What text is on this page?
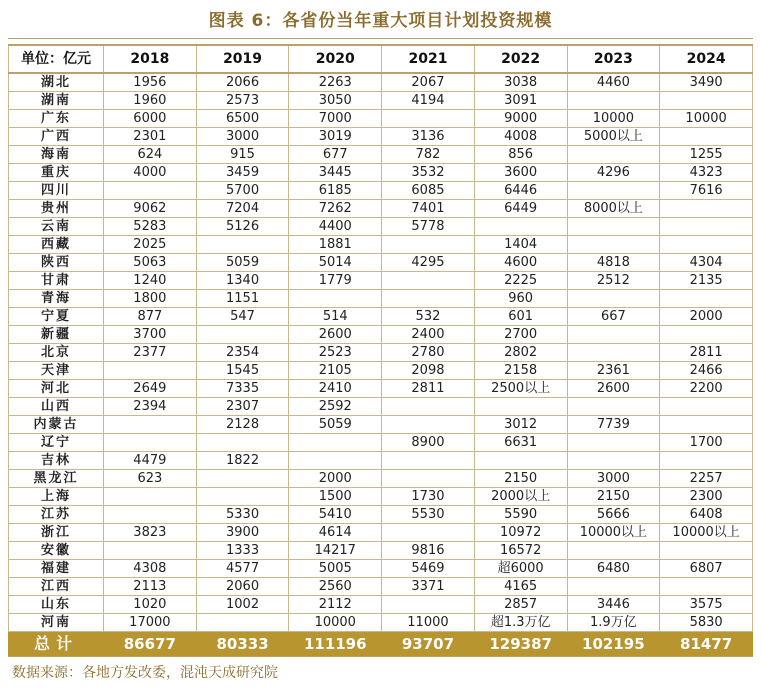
图表 6：各省份当年重大项目计划投资规模
单位：亿元	2018	2019	2020	2021	2022	2023	2024
湖北	1956	2066	2263	2067	3038	4460	3490
湖南	1960	2573	3050	4194	3091		
广东	6000	6500	7000		9000	10000	10000
广西	2301	3000	3019	3136	4008	5000以上	
海南	624	915	677	782	856		1255
重庆	4000	3459	3445	3532	3600	4296	4323
四川		5700	6185	6085	6446		7616
贵州	9062	7204	7262	7401	6449	8000以上	
云南	5283	5126	4400	5778			
西藏	2025		1881		1404		
陕西	5063	5059	5014	4295	4600	4818	4304
甘肃	1240	1340	1779		2225	2512	2135
青海	1800	1151			960		
宁夏	877	547	514	532	601	667	2000
新疆	3700		2600	2400	2700		
北京	2377	2354	2523	2780	2802		2811
天津		1545	2105	2098	2158	2361	2466
河北	2649	7335	2410	2811	2500以上	2600	2200
山西	2394	2307	2592				
内蒙古		2128	5059		3012	7739	
辽宁				8900	6631		1700
吉林	4479	1822					
黑龙江	623		2000		2150	3000	2257
上海			1500	1730	2000以上	2150	2300
江苏		5330	5410	5530	5590	5666	6408
浙江	3823	3900	4614		10972	10000以上	10000以上
安徽		1333	14217	9816	16572		
福建	4308	4577	5005	5469	超6000	6480	6807
江西	2113	2060	2560	3371	4165		
山东	1020	1002	2112		2857	3446	3575
河南	17000		10000	11000	超1.3万亿	1.9万亿	5830
总计	86677	80333	111196	93707	129387	102195	81477
数据来源：各地方发改委，混沌天成研究院
